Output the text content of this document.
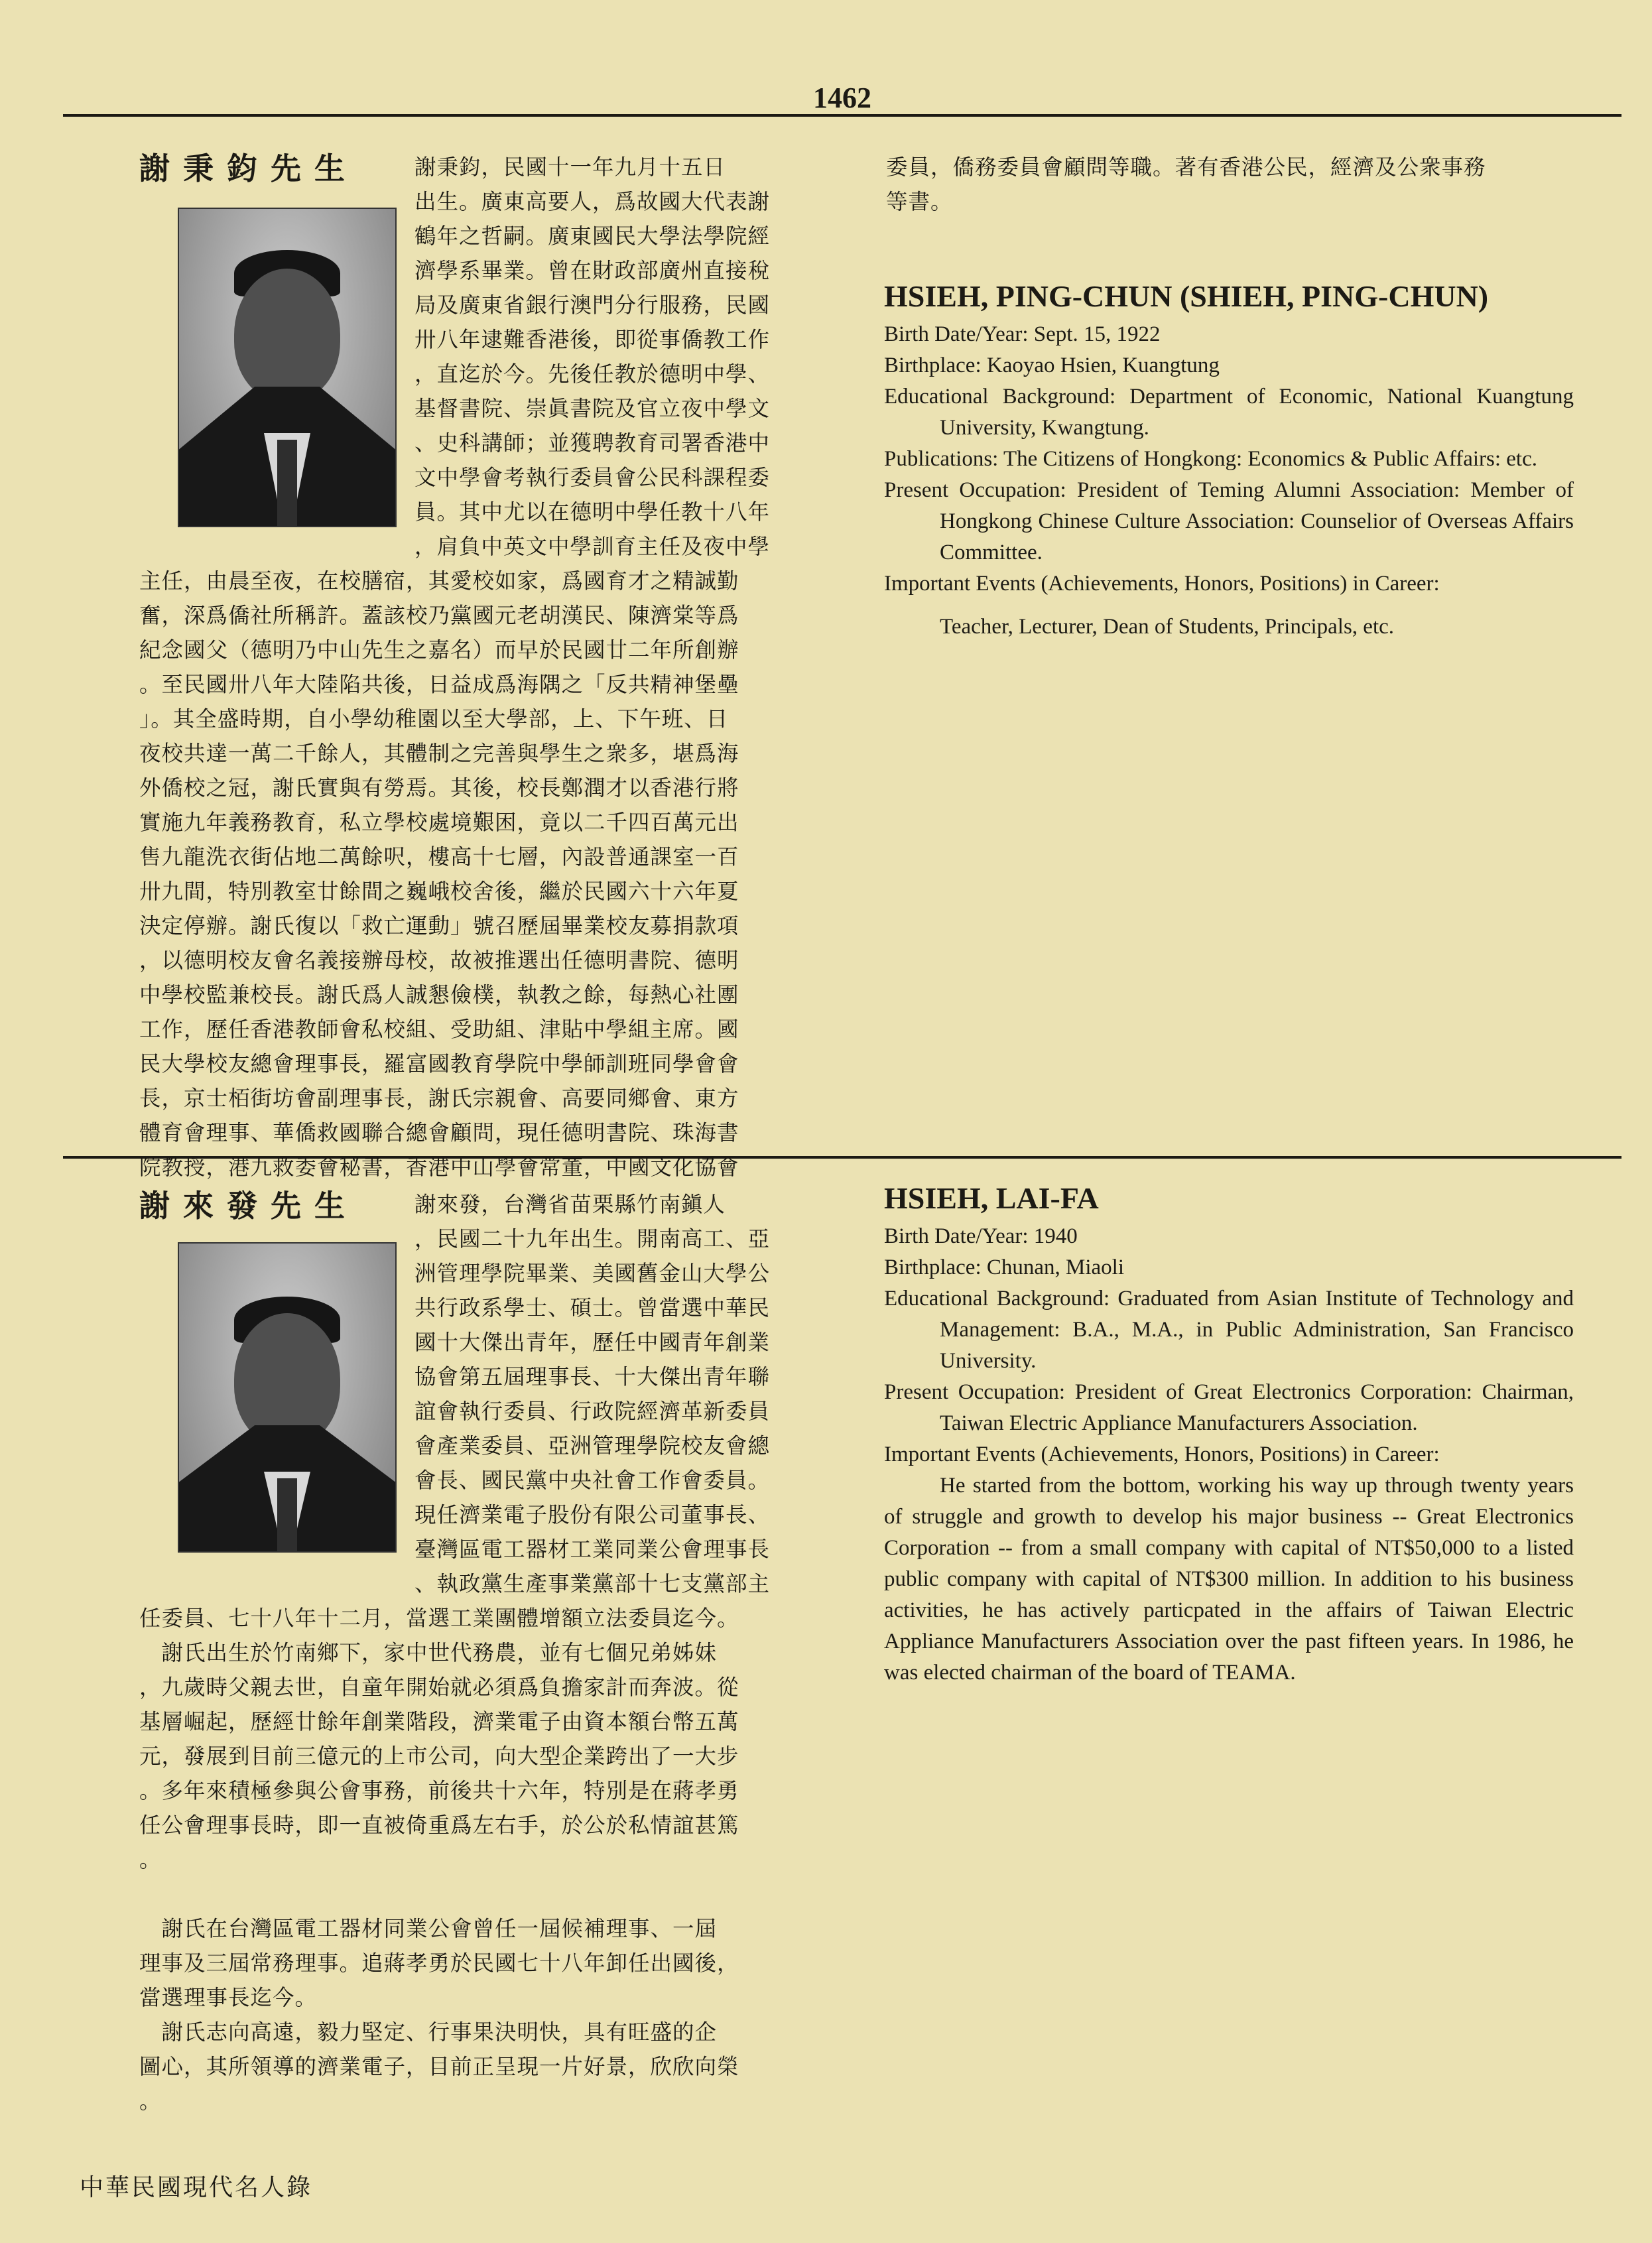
1462
謝秉鈞先生	謝秉鈞，民國十一年九月十五日
出生。廣東高要人，爲故國大代表謝
鶴年之哲嗣。廣東國民大學法學院經
濟學系畢業。曾在財政部廣州直接稅
局及廣東省銀行澳門分行服務，民國
卅八年逮難香港後，即從事僑教工作
，直迄於今。先後任教於德明中學、
基督書院、崇眞書院及官立夜中學文
、史科講師；並獲聘教育司署香港中
文中學會考執行委員會公民科課程委
員。其中尤以在德明中學任教十八年
，肩負中英文中學訓育主任及夜中學
主任，由晨至夜，在校膳宿，其愛校如家，爲國育才之精誠勤
奮，深爲僑社所稱許。蓋該校乃黨國元老胡漢民、陳濟棠等爲
紀念國父（德明乃中山先生之嘉名）而早於民國廿二年所創辦
。至民國卅八年大陸陷共後，日益成爲海隅之「反共精神堡壘
」。其全盛時期，自小學幼稚園以至大學部，上、下午班、日
夜校共達一萬二千餘人，其體制之完善與學生之衆多，堪爲海
外僑校之冠，謝氏實與有勞焉。其後，校長鄭潤才以香港行將
實施九年義務教育，私立學校處境艱困，竟以二千四百萬元出
售九龍洗衣街佔地二萬餘呎，樓高十七層，內設普通課室一百
卅九間，特別教室廿餘間之巍峨校舍後，繼於民國六十六年夏
決定停辦。謝氏復以「救亡運動」號召歷屆畢業校友募捐款項
，以德明校友會名義接辦母校，故被推選出任德明書院、德明
中學校監兼校長。謝氏爲人誠懇儉樸，執教之餘，每熱心社團
工作，歷任香港教師會私校組、受助組、津貼中學組主席。國
民大學校友總會理事長，羅富國教育學院中學師訓班同學會會
長，京士栢街坊會副理事長，謝氏宗親會、高要同鄉會、東方
體育會理事、華僑救國聯合總會顧問，現任德明書院、珠海書
院教授，港九救委會秘書，香港中山學會常董，中國文化協會
委員，僑務委員會顧問等職。著有香港公民，經濟及公衆事務
等書。

HSIEH, PING-CHUN (SHIEH, PING-CHUN)

Birth Date/Year: Sept. 15, 1922

Birthplace: Kaoyao Hsien, Kuangtung

Educational Background: Department of Economic, National Kuangtung University, Kwangtung.

Publications: The Citizens of Hongkong: Economics & Public Affairs: etc.

Present Occupation: President of Teming Alumni Association: Member of Hongkong Chinese Culture Association: Counselior of Overseas Affairs Committee.

Important Events (Achievements, Honors, Positions) in Career:

Teacher, Lecturer, Dean of Students, Principals, etc.

謝來發先生	謝來發，台灣省苗栗縣竹南鎭人
，民國二十九年出生。開南高工、亞
洲管理學院畢業、美國舊金山大學公
共行政系學士、碩士。曾當選中華民
國十大傑出青年，歷任中國青年創業
協會第五屆理事長、十大傑出青年聯
誼會執行委員、行政院經濟革新委員
會產業委員、亞洲管理學院校友會總
會長、國民黨中央社會工作會委員。
現任濟業電子股份有限公司董事長、
臺灣區電工器材工業同業公會理事長
、執政黨生產事業黨部十七支黨部主
任委員、七十八年十二月，當選工業團體增額立法委員迄今。
　謝氏出生於竹南鄉下，家中世代務農，並有七個兄弟姊妹
，九歲時父親去世，自童年開始就必須爲負擔家計而奔波。從
基層崛起，歷經廿餘年創業階段，濟業電子由資本額台幣五萬
元，發展到目前三億元的上市公司，向大型企業跨出了一大步
。多年來積極參與公會事務，前後共十六年，特別是在蔣孝勇
任公會理事長時，即一直被倚重爲左右手，於公於私情誼甚篤
。

　謝氏在台灣區電工器材同業公會曾任一屆候補理事、一屆
理事及三屆常務理事。追蔣孝勇於民國七十八年卸任出國後，
當選理事長迄今。
　謝氏志向高遠，毅力堅定、行事果決明快，具有旺盛的企
圖心，其所領導的濟業電子，目前正呈現一片好景，欣欣向榮
。

HSIEH, LAI-FA

Birth Date/Year: 1940

Birthplace: Chunan, Miaoli

Educational Background: Graduated from Asian Institute of Technology and Management: B.A., M.A., in Public Administration, San Francisco University.

Present Occupation: President of Great Electronics Corporation: Chairman, Taiwan Electric Appliance Manufacturers Association.

Important Events (Achievements, Honors, Positions) in Career:

He started from the bottom, working his way up through twenty years of struggle and growth to develop his major business -- Great Electronics Corporation -- from a small company with capital of NT$50,000 to a listed public company with capital of NT$300 million. In addition to his business activities, he has actively particpated in the affairs of Taiwan Electric Appliance Manufacturers Association over the past fifteen years. In 1986, he was elected chairman of the board of TEAMA.

中華民國現代名人錄
